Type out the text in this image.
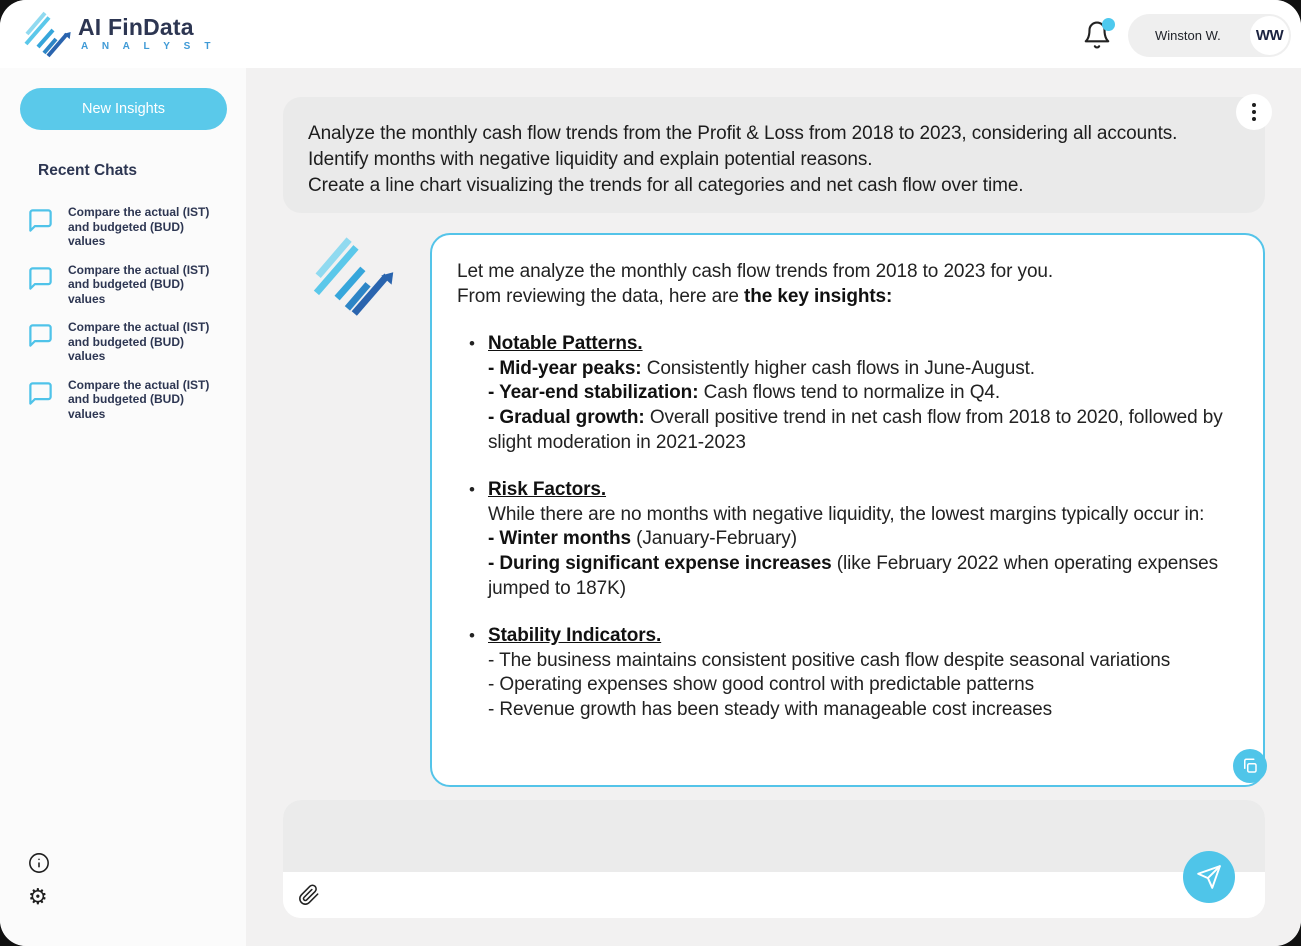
AI FinData
A N A L Y S T
Winston W.	WW
New Insights
Recent Chats
Compare the actual (IST) and budgeted (BUD) values
Compare the actual (IST) and budgeted (BUD) values
Compare the actual (IST) and budgeted (BUD) values
Compare the actual (IST) and budgeted (BUD) values
⚙
Analyze the monthly cash flow trends from the Profit & Loss from 2018 to 2023, considering all accounts. Identify months with negative liquidity and explain potential reasons.
Create a line chart visualizing the trends for all categories and net cash flow over time.
Let me analyze the monthly cash flow trends from 2018 to 2023 for you.
From reviewing the data, here are the key insights:
• Notable Patterns.
- Mid-year peaks: Consistently higher cash flows in June-August.
- Year-end stabilization: Cash flows tend to normalize in Q4.
- Gradual growth: Overall positive trend in net cash flow from 2018 to 2020, followed by slight moderation in 2021-2023
• Risk Factors.
While there are no months with negative liquidity, the lowest margins typically occur in:
- Winter months (January-February)
- During significant expense increases (like February 2022 when operating expenses jumped to 187K)
• Stability Indicators.
- The business maintains consistent positive cash flow despite seasonal variations
- Operating expenses show good control with predictable patterns
- Revenue growth has been steady with manageable cost increases
